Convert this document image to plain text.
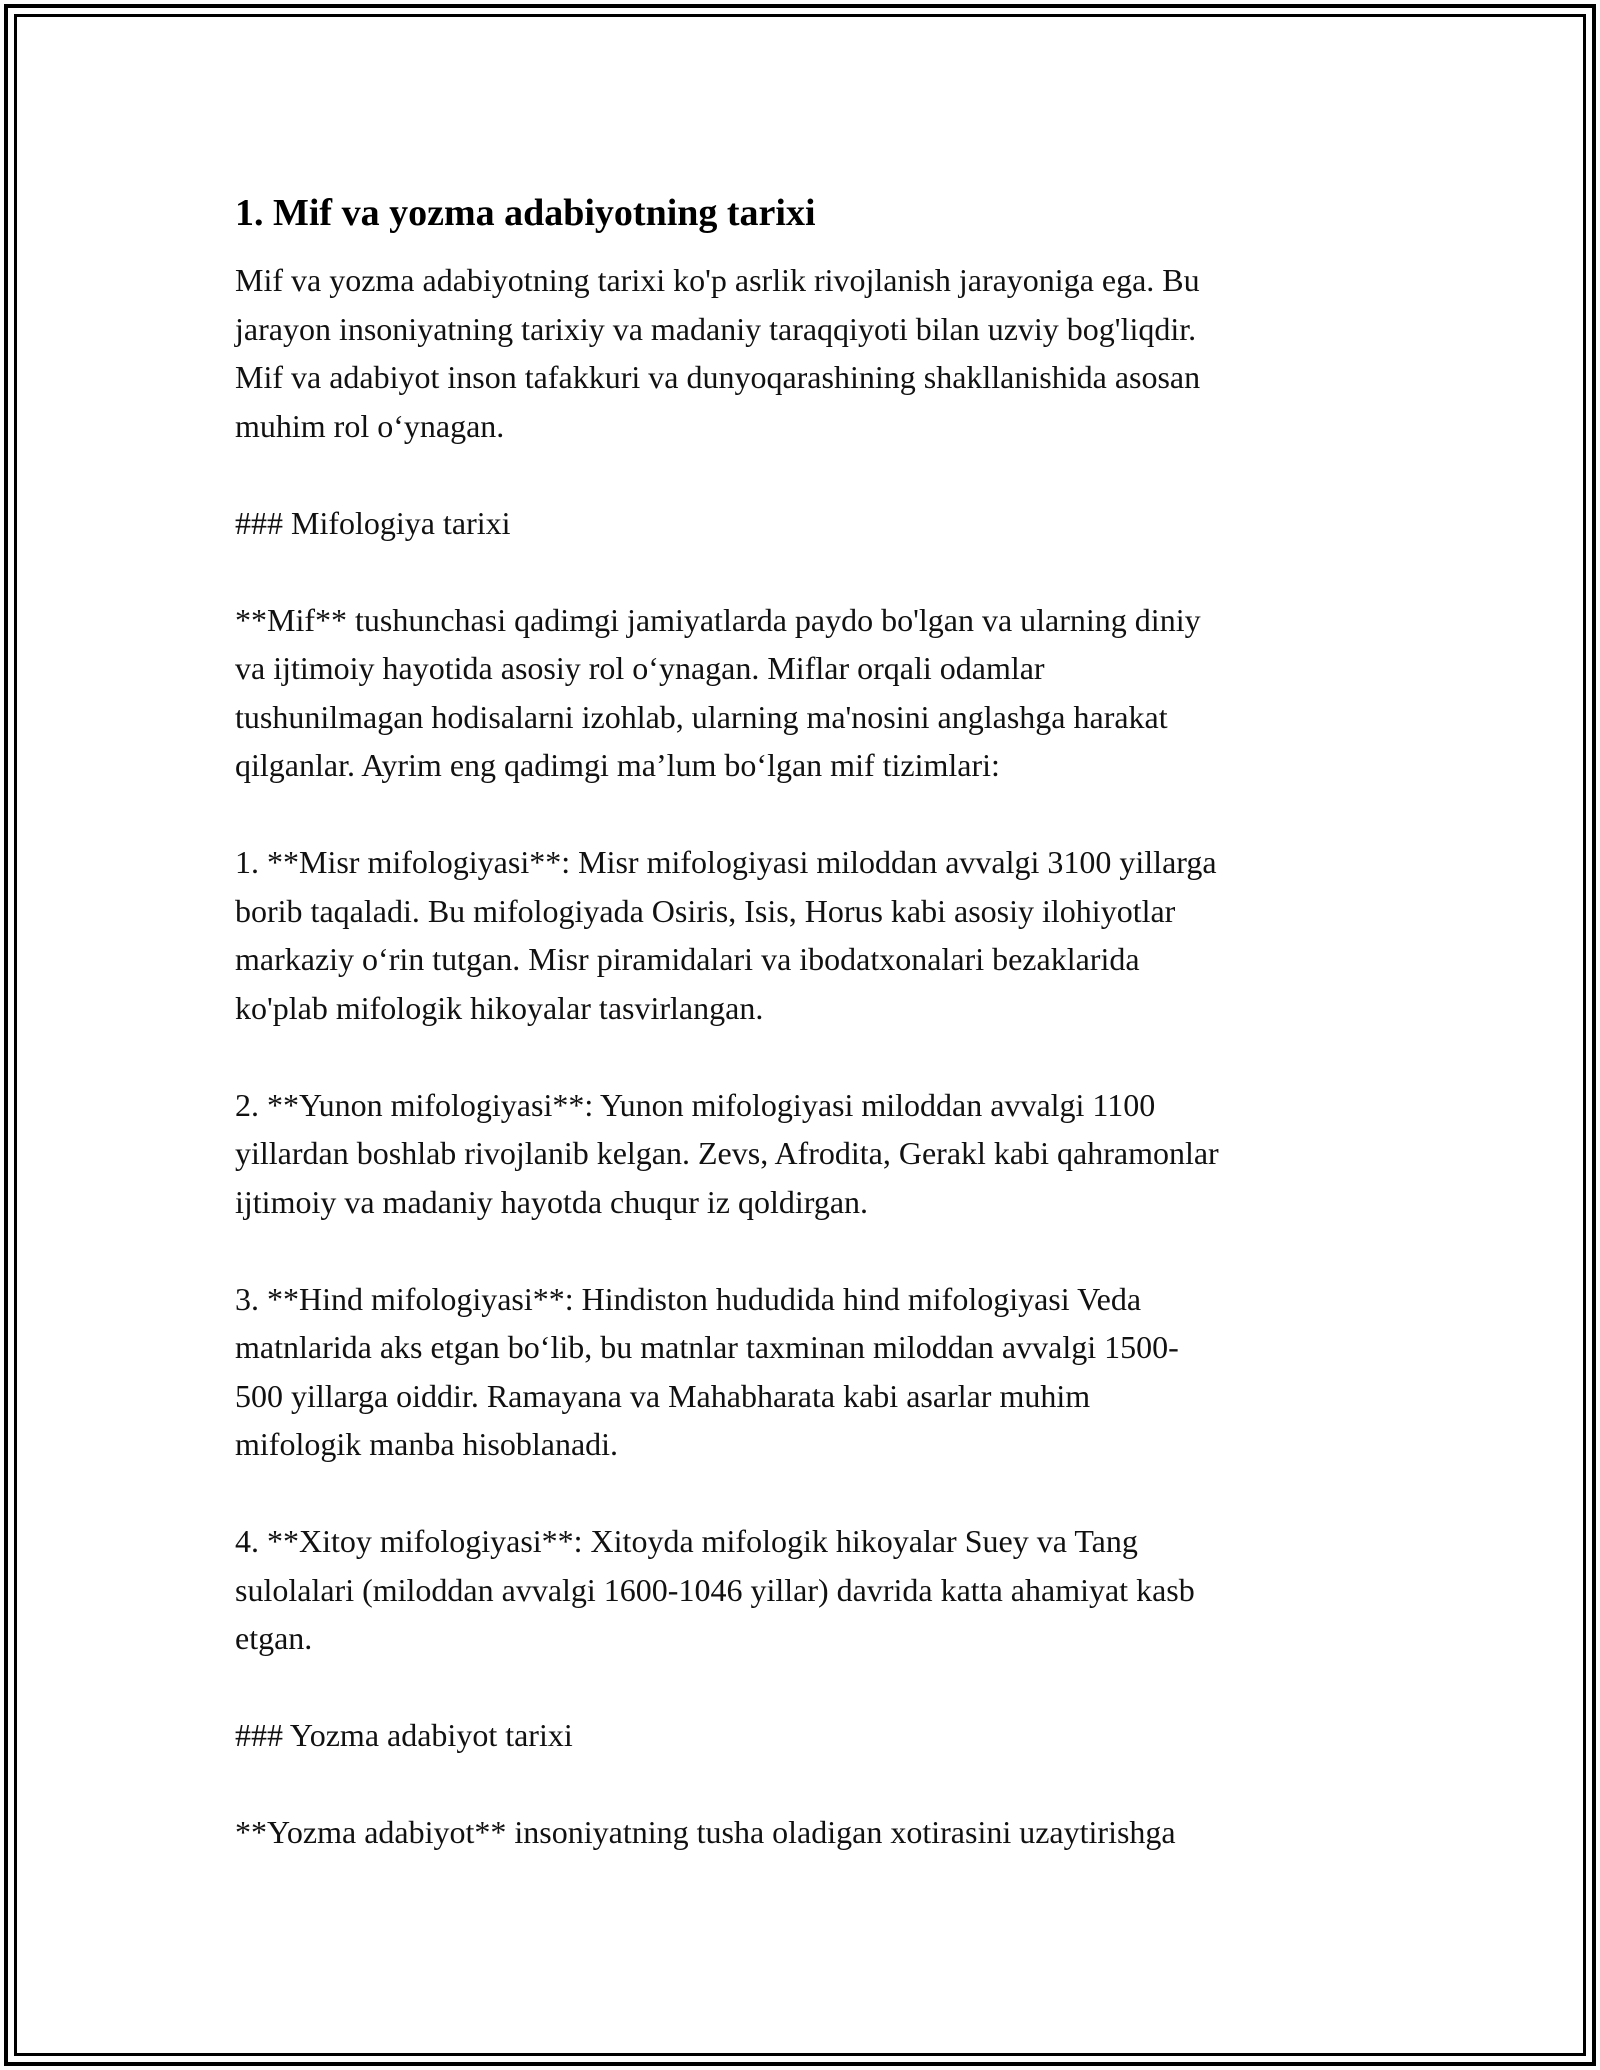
1. Mif va yozma adabiyotning tarixi
Mif va yozma adabiyotning tarixi ko'p asrlik rivojlanish jarayoniga ega. Bu
jarayon insoniyatning tarixiy va madaniy taraqqiyoti bilan uzviy bog'liqdir.
Mif va adabiyot inson tafakkuri va dunyoqarashining shakllanishida asosan
muhim rol o‘ynagan.
### Mifologiya tarixi
**Mif** tushunchasi qadimgi jamiyatlarda paydo bo'lgan va ularning diniy
va ijtimoiy hayotida asosiy rol o‘ynagan. Miflar orqali odamlar
tushunilmagan hodisalarni izohlab, ularning ma'nosini anglashga harakat
qilganlar. Ayrim eng qadimgi ma’lum bo‘lgan mif tizimlari:
1. **Misr mifologiyasi**: Misr mifologiyasi miloddan avvalgi 3100 yillarga
borib taqaladi. Bu mifologiyada Osiris, Isis, Horus kabi asosiy ilohiyotlar
markaziy o‘rin tutgan. Misr piramidalari va ibodatxonalari bezaklarida
ko'plab mifologik hikoyalar tasvirlangan.
2. **Yunon mifologiyasi**: Yunon mifologiyasi miloddan avvalgi 1100
yillardan boshlab rivojlanib kelgan. Zevs, Afrodita, Gerakl kabi qahramonlar
ijtimoiy va madaniy hayotda chuqur iz qoldirgan.
3. **Hind mifologiyasi**: Hindiston hududida hind mifologiyasi Veda
matnlarida aks etgan bo‘lib, bu matnlar taxminan miloddan avvalgi 1500-
500 yillarga oiddir. Ramayana va Mahabharata kabi asarlar muhim
mifologik manba hisoblanadi.
4. **Xitoy mifologiyasi**: Xitoyda mifologik hikoyalar Suey va Tang
sulolalari (miloddan avvalgi 1600-1046 yillar) davrida katta ahamiyat kasb
etgan.
### Yozma adabiyot tarixi
**Yozma adabiyot** insoniyatning tusha oladigan xotirasini uzaytirishga
